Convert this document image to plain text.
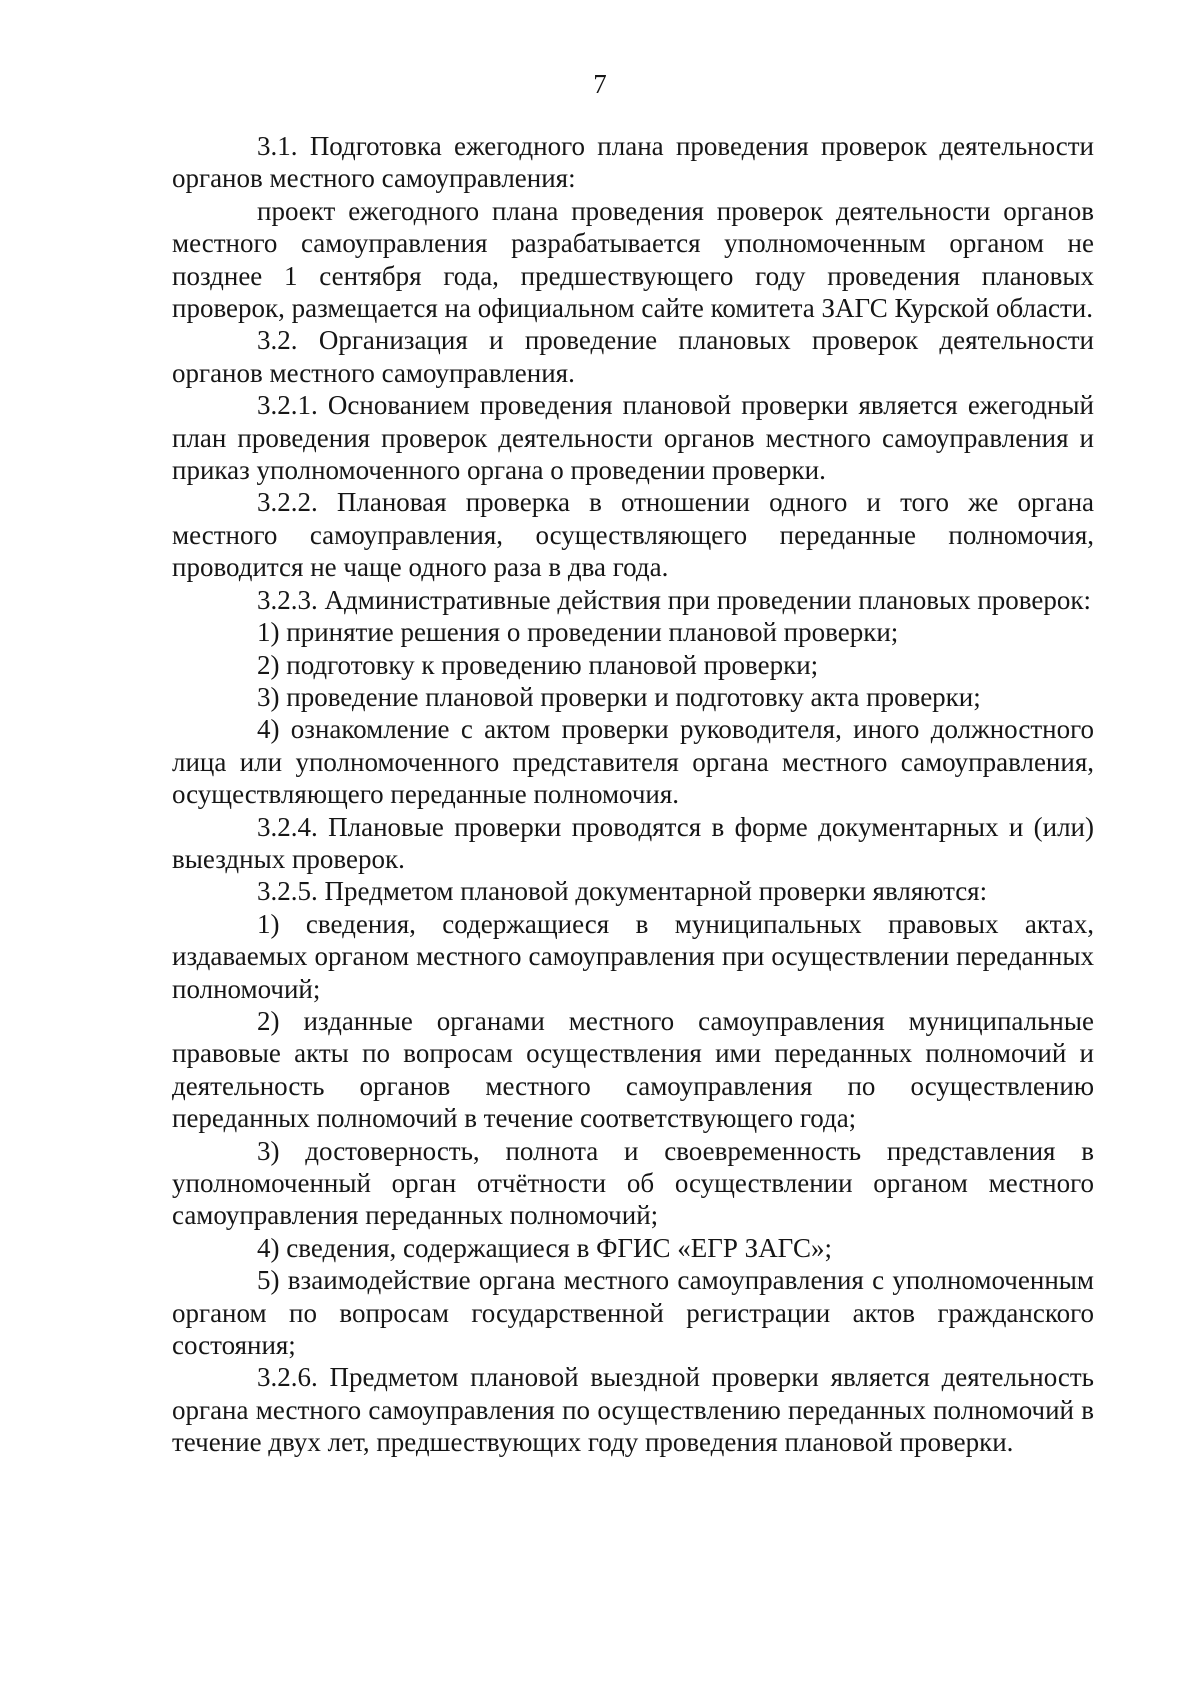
7

3.1. Подготовка ежегодного плана проведения проверок деятельности органов местного самоуправления:

проект ежегодного плана проведения проверок деятельности органов местного самоуправления разрабатывается уполномоченным органом не позднее 1 сентября года, предшествующего году проведения плановых проверок, размещается на официальном сайте комитета ЗАГС Курской области.

3.2. Организация и проведение плановых проверок деятельности органов местного самоуправления.

3.2.1. Основанием проведения плановой проверки является ежегодный план проведения проверок деятельности органов местного самоуправления и приказ уполномоченного органа о проведении проверки.

3.2.2. Плановая проверка в отношении одного и того же органа местного самоуправления, осуществляющего переданные полномочия, проводится не чаще одного раза в два года.

3.2.3. Административные действия при проведении плановых проверок:

1) принятие решения о проведении плановой проверки;

2) подготовку к проведению плановой проверки;

3) проведение плановой проверки и подготовку акта проверки;

4) ознакомление с актом проверки руководителя, иного должностного лица или уполномоченного представителя органа местного самоуправления, осуществляющего переданные полномочия.

3.2.4. Плановые проверки проводятся в форме документарных и (или) выездных проверок.

3.2.5. Предметом плановой документарной проверки являются:

1) сведения, содержащиеся в муниципальных правовых актах, издаваемых органом местного самоуправления при осуществлении переданных полномочий;

2) изданные органами местного самоуправления муниципальные правовые акты по вопросам осуществления ими переданных полномочий и деятельность органов местного самоуправления по осуществлению переданных полномочий в течение соответствующего года;

3) достоверность, полнота и своевременность представления в уполномоченный орган отчётности об осуществлении органом местного самоуправления переданных полномочий;

4) сведения, содержащиеся в ФГИС «ЕГР ЗАГС»;

5) взаимодействие органа местного самоуправления с уполномоченным органом по вопросам государственной регистрации актов гражданского состояния;

3.2.6. Предметом плановой выездной проверки является деятельность органа местного самоуправления по осуществлению переданных полномочий в течение двух лет, предшествующих году проведения плановой проверки.
